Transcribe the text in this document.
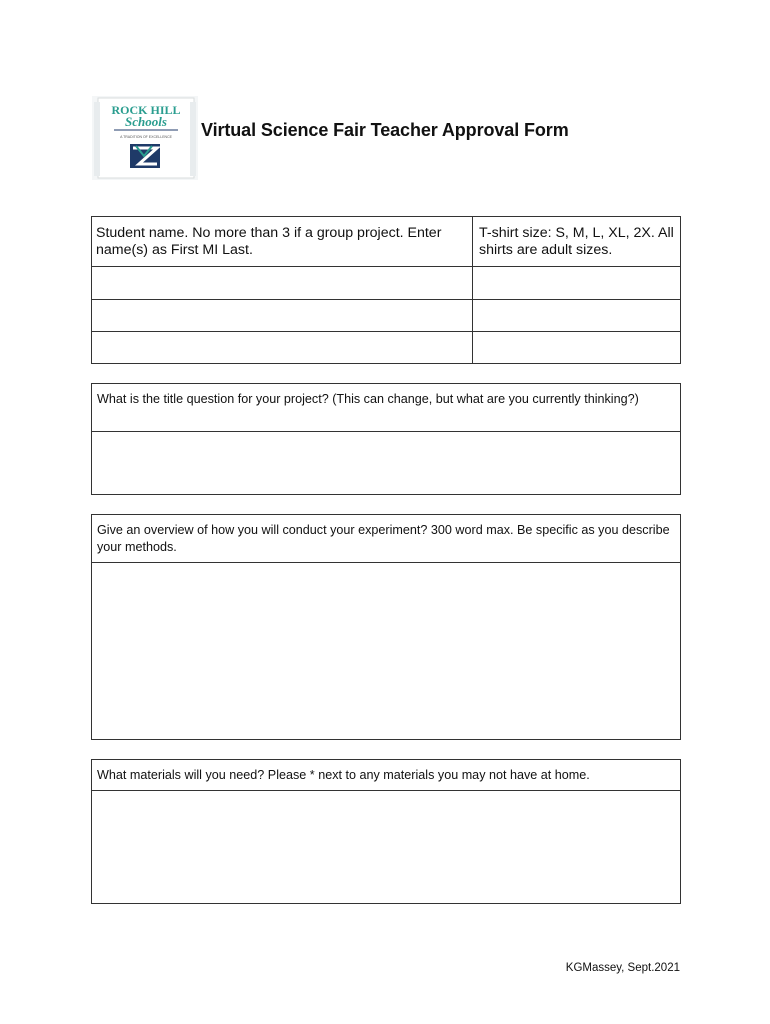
ROCK HILL
Schools
A TRADITION OF EXCELLENCE Virtual Science Fair Teacher Approval Form
Student name. No more than 3 if a group project. Enter name(s) as First MI Last.
T-shirt size: S, M, L, XL, 2X. All shirts are adult sizes.
What is the title question for your project? (This can change, but what are you currently thinking?)
Give an overview of how you will conduct your experiment? 300 word max. Be specific as you describe your methods.
What materials will you need? Please * next to any materials you may not have at home.
KGMassey, Sept.2021
